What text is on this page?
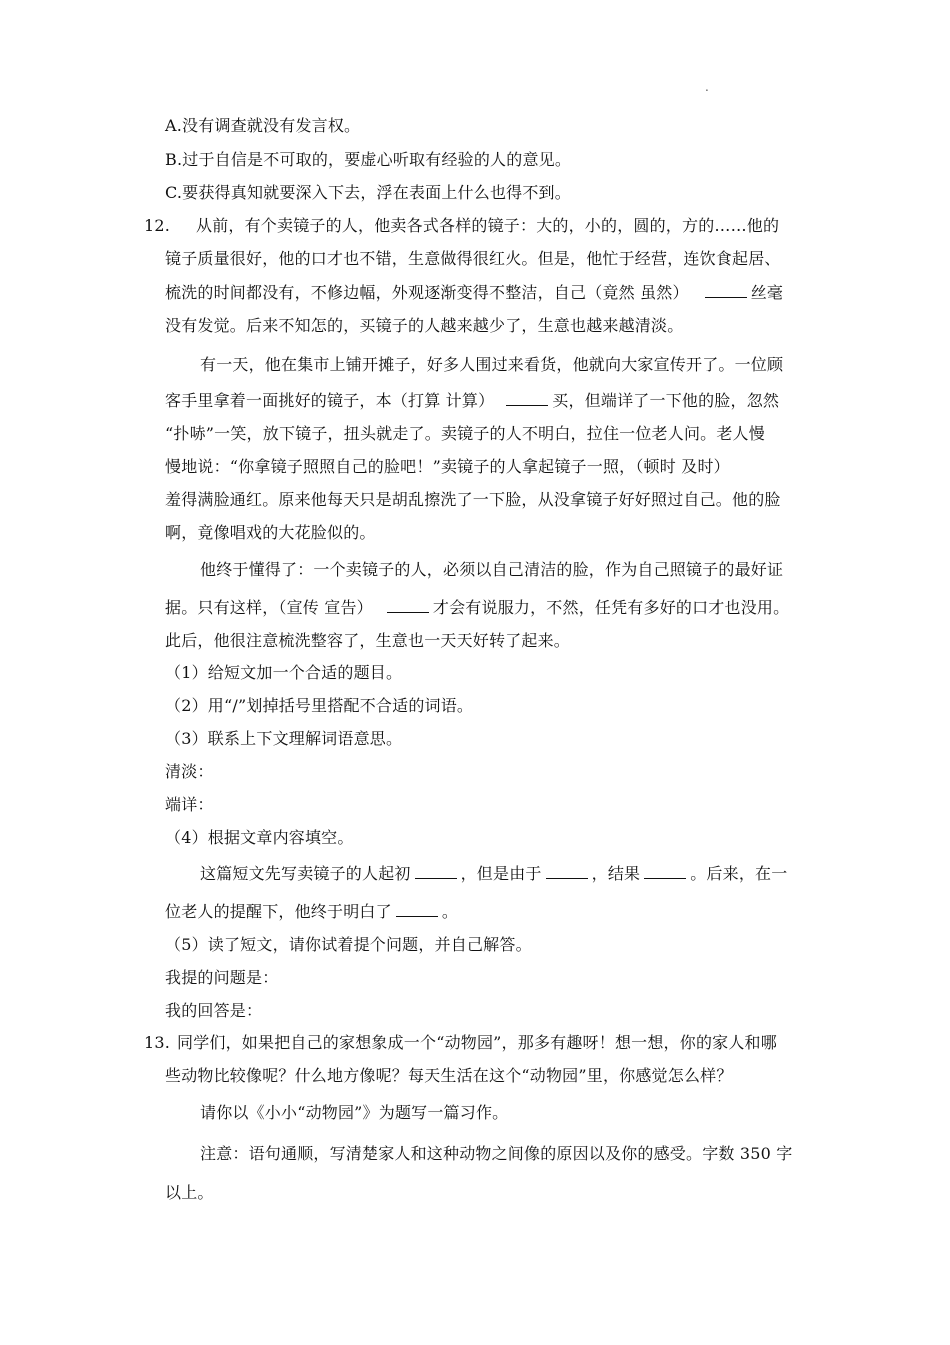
.
A.没有调查就没有发言权。
B.过于自信是不可取的，要虚心听取有经验的人的意见。
C.要获得真知就要深入下去，浮在表面上什么也得不到。
12. 从前，有个卖镜子的人，他卖各式各样的镜子：大的，小的，圆的，方的……他的
镜子质量很好，他的口才也不错，生意做得很红火。但是，他忙于经营，连饮食起居、
梳洗的时间都没有，不修边幅，外观逐渐变得不整洁，自己（竟然 虽然）	丝毫
没有发觉。后来不知怎的，买镜子的人越来越少了，生意也越来越清淡。
有一天，他在集市上铺开摊子，好多人围过来看货，他就向大家宣传开了。一位顾
客手里拿着一面挑好的镜子，本（打算 计算）	买，但端详了一下他的脸，忽然
“扑哧”一笑，放下镜子，扭头就走了。卖镜子的人不明白，拉住一位老人问。老人慢
慢地说：“你拿镜子照照自己的脸吧！”卖镜子的人拿起镜子一照，（顿时 及时）
羞得满脸通红。原来他每天只是胡乱擦洗了一下脸，从没拿镜子好好照过自己。他的脸
啊，竟像唱戏的大花脸似的。
他终于懂得了：一个卖镜子的人，必须以自己清洁的脸，作为自己照镜子的最好证
据。只有这样，（宣传 宣告）	才会有说服力，不然，任凭有多好的口才也没用。
此后，他很注意梳洗整容了，生意也一天天好转了起来。
（1）给短文加一个合适的题目。
（2）用“/”划掉括号里搭配不合适的词语。
（3）联系上下文理解词语意思。
清淡：
端详：
（4）根据文章内容填空。
这篇短文先写卖镜子的人起初	，但是由于	，结果	。后来，在一
位老人的提醒下，他终于明白了	。
（5）读了短文，请你试着提个问题，并自己解答。
我提的问题是：
我的回答是：
13. 同学们，如果把自己的家想象成一个“动物园”，那多有趣呀！想一想，你的家人和哪
些动物比较像呢？什么地方像呢？每天生活在这个“动物园”里，你感觉怎么样？
请你以《小小“动物园”》为题写一篇习作。
注意：语句通顺，写清楚家人和这种动物之间像的原因以及你的感受。字数 350 字
以上。
